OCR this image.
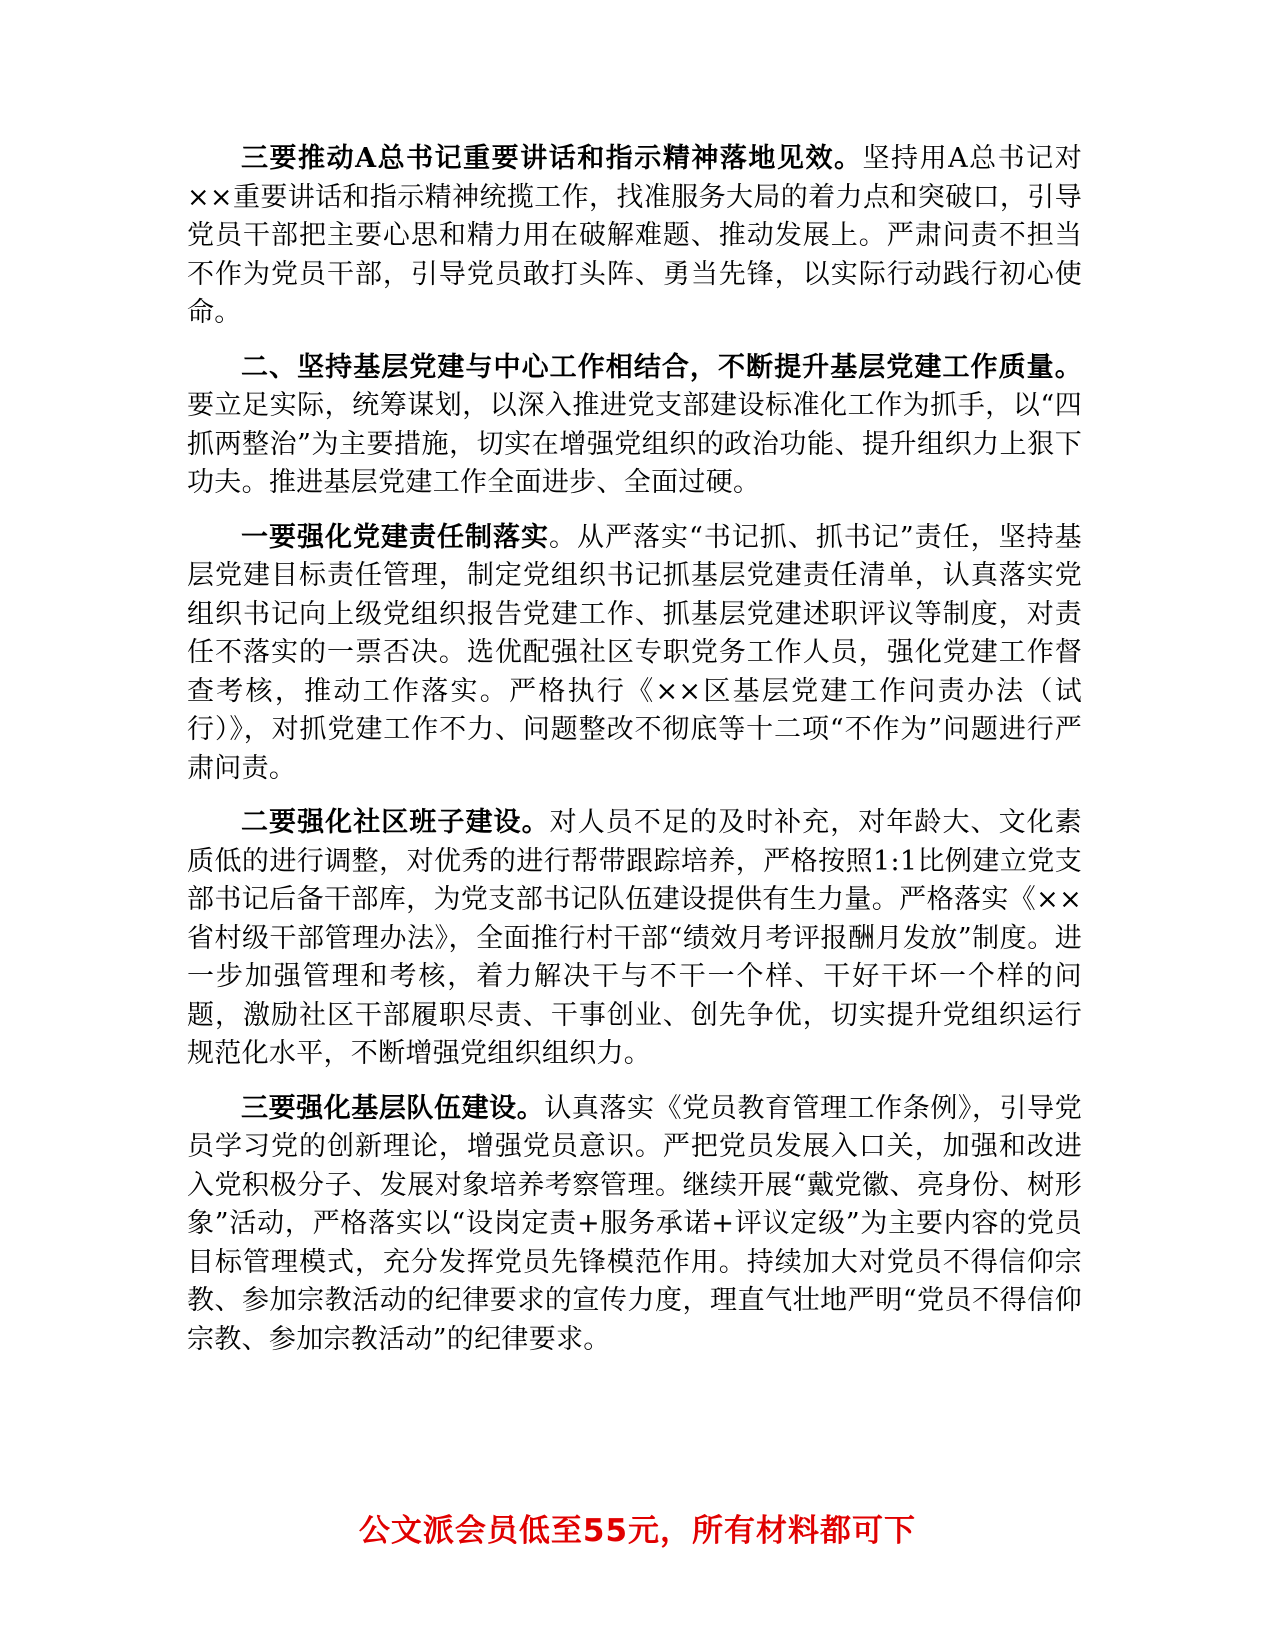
三要推动A总书记重要讲话和指示精神落地见效。坚持用A总书记对××重要讲话和指示精神统揽工作，找准服务大局的着力点和突破口，引导党员干部把主要心思和精力用在破解难题、推动发展上。严肃问责不担当不作为党员干部，引导党员敢打头阵、勇当先锋，以实际行动践行初心使命。

二、坚持基层党建与中心工作相结合，不断提升基层党建工作质量。要立足实际，统筹谋划，以深入推进党支部建设标准化工作为抓手，以“四抓两整治”为主要措施，切实在增强党组织的政治功能、提升组织力上狠下功夫。推进基层党建工作全面进步、全面过硬。

一要强化党建责任制落实。从严落实“书记抓、抓书记”责任，坚持基层党建目标责任管理，制定党组织书记抓基层党建责任清单，认真落实党组织书记向上级党组织报告党建工作、抓基层党建述职评议等制度，对责任不落实的一票否决。选优配强社区专职党务工作人员，强化党建工作督查考核，推动工作落实。严格执行《××区基层党建工作问责办法（试行）》，对抓党建工作不力、问题整改不彻底等十二项“不作为”问题进行严肃问责。

二要强化社区班子建设。对人员不足的及时补充，对年龄大、文化素质低的进行调整，对优秀的进行帮带跟踪培养，严格按照1:1比例建立党支部书记后备干部库，为党支部书记队伍建设提供有生力量。严格落实《××省村级干部管理办法》，全面推行村干部“绩效月考评报酬月发放”制度。进一步加强管理和考核，着力解决干与不干一个样、干好干坏一个样的问题，激励社区干部履职尽责、干事创业、创先争优，切实提升党组织运行规范化水平，不断增强党组织组织力。

三要强化基层队伍建设。认真落实《党员教育管理工作条例》，引导党员学习党的创新理论，增强党员意识。严把党员发展入口关，加强和改进入党积极分子、发展对象培养考察管理。继续开展“戴党徽、亮身份、树形象”活动，严格落实以“设岗定责+服务承诺+评议定级”为主要内容的党员目标管理模式，充分发挥党员先锋模范作用。持续加大对党员不得信仰宗教、参加宗教活动的纪律要求的宣传力度，理直气壮地严明“党员不得信仰宗教、参加宗教活动”的纪律要求。

公文派会员低至55元，所有材料都可下
